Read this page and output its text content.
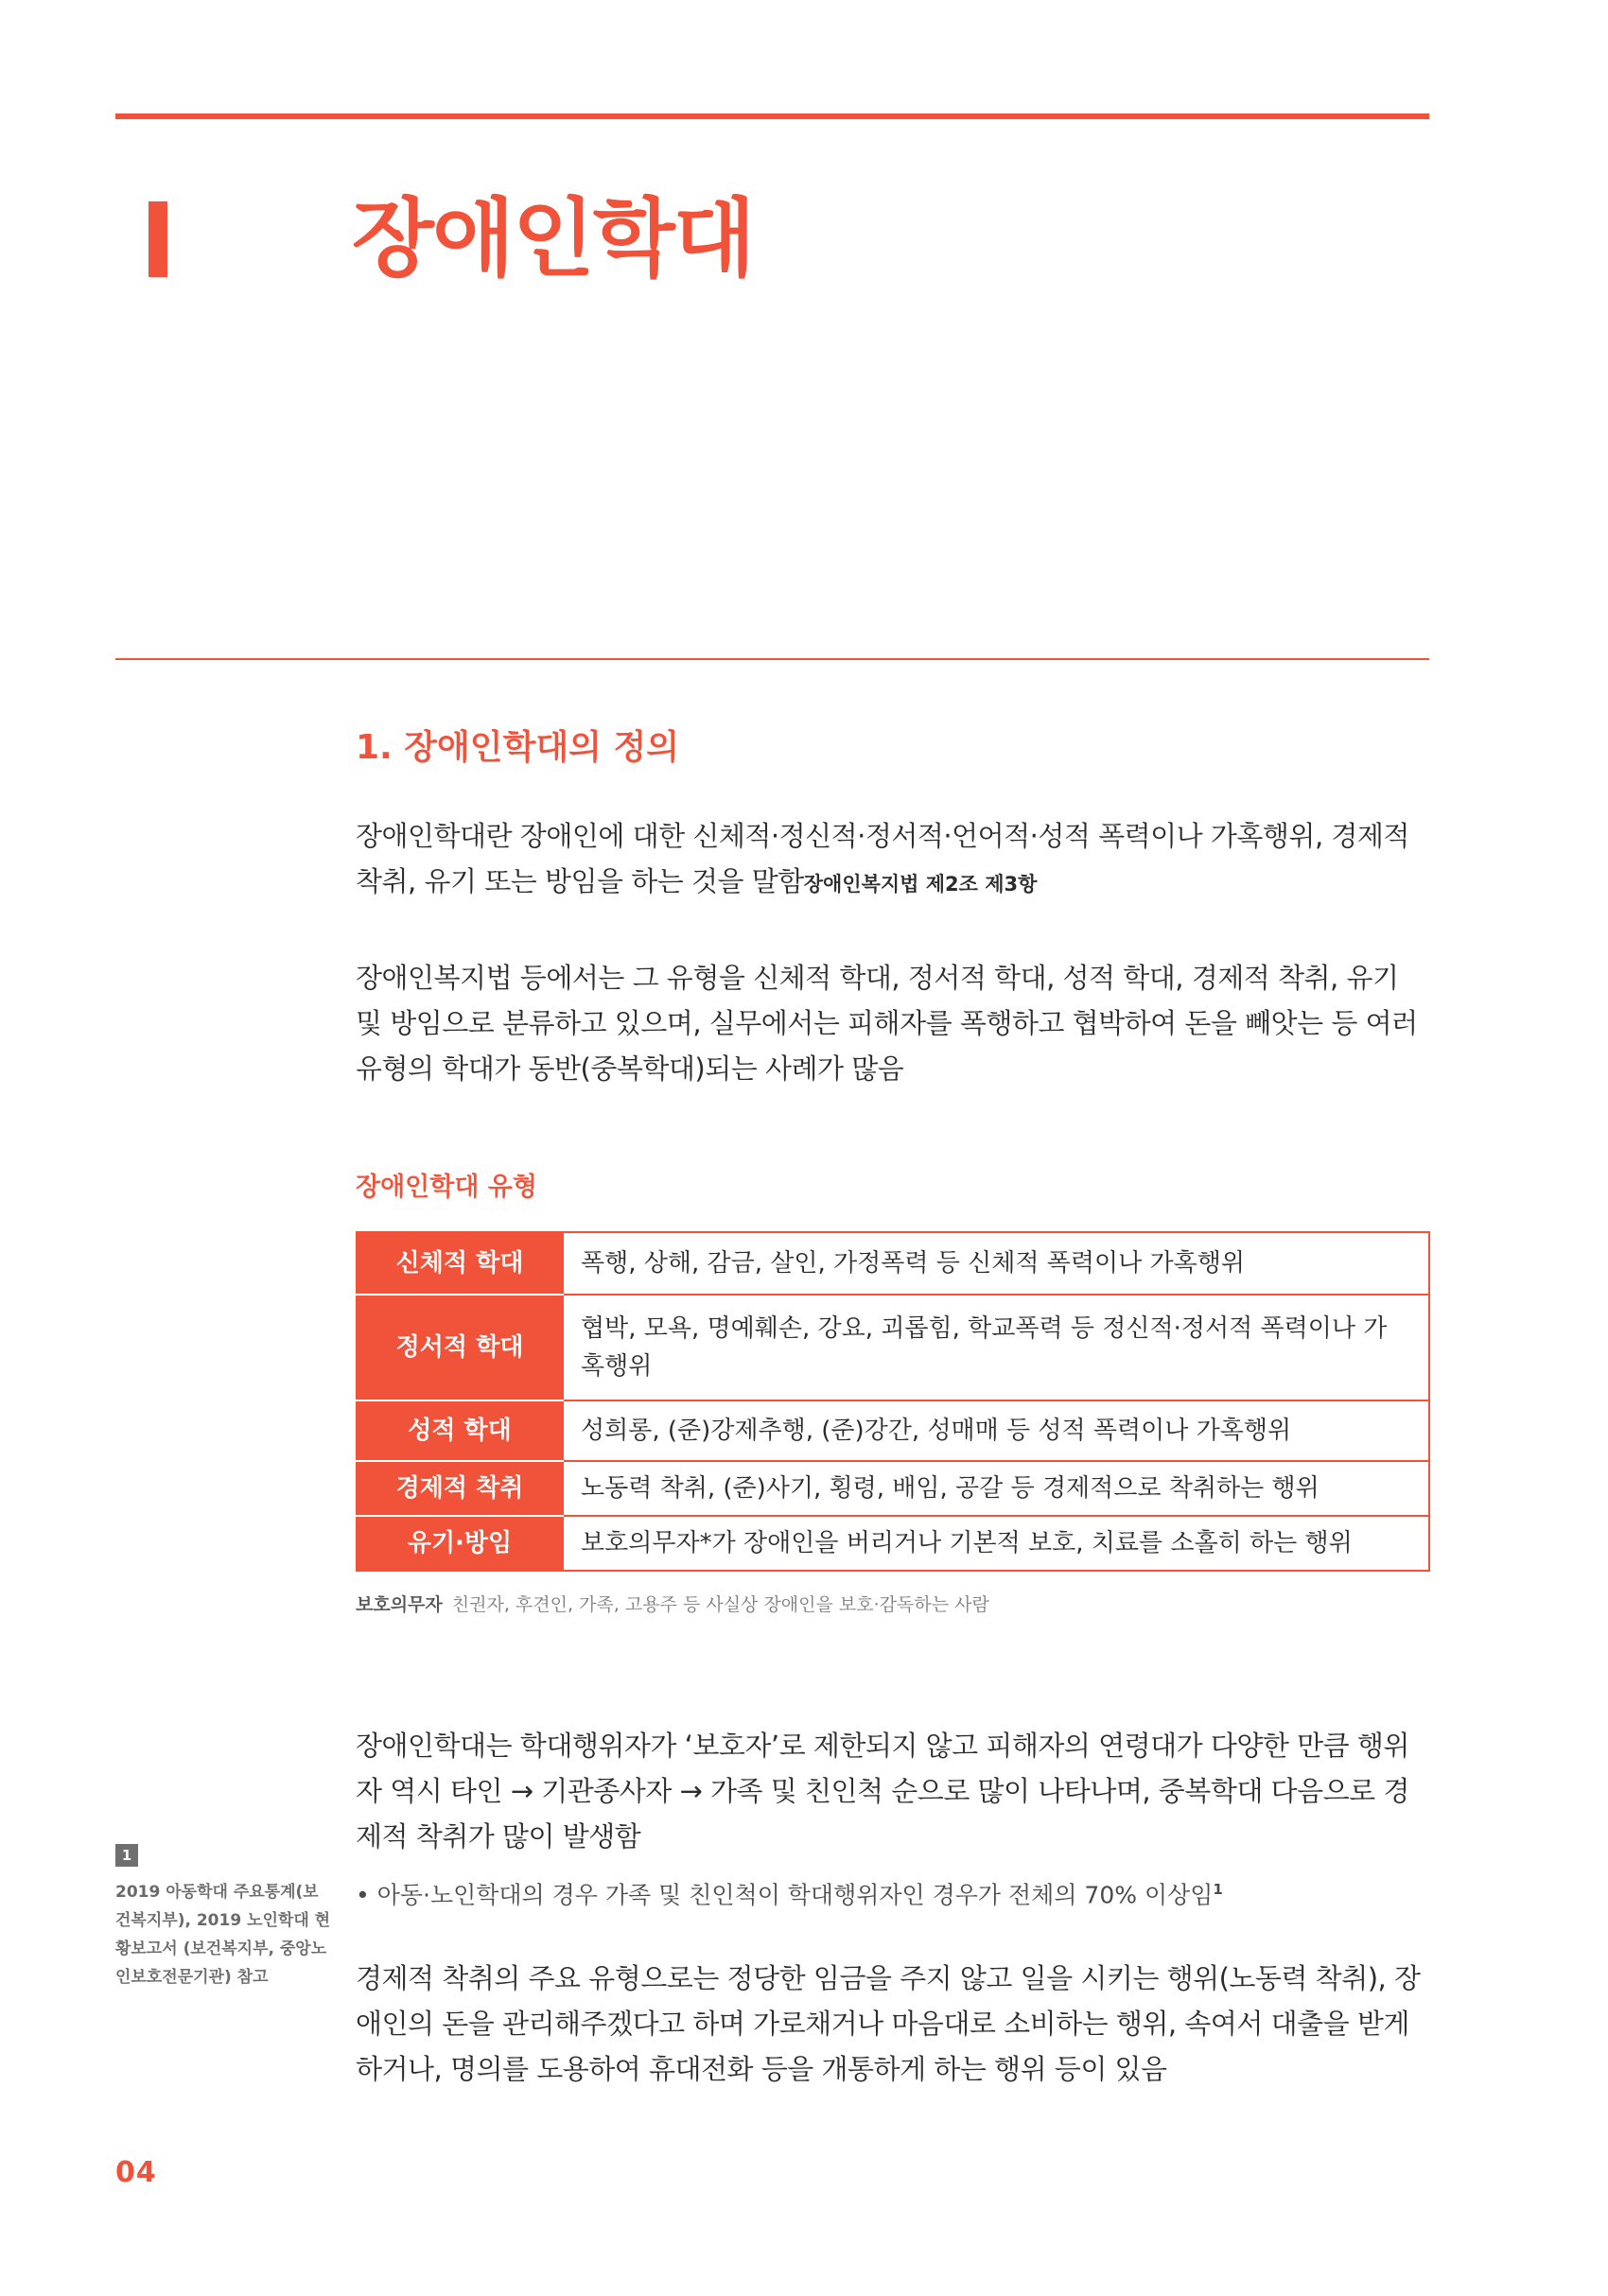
장애인학대
1. 장애인학대의 정의
장애인학대란 장애인에 대한 신체적·정신적·정서적·언어적·성적 폭력이나 가혹행위, 경제적 착취, 유기 또는 방임을 하는 것을 말함장애인복지법 제2조 제3항
장애인복지법 등에서는 그 유형을 신체적 학대, 정서적 학대, 성적 학대, 경제적 착취, 유기 및 방임으로 분류하고 있으며, 실무에서는 피해자를 폭행하고 협박하여 돈을 빼앗는 등 여러 유형의 학대가 동반(중복학대)되는 사례가 많음
장애인학대 유형
신체적 학대	폭행, 상해, 감금, 살인, 가정폭력 등 신체적 폭력이나 가혹행위
정서적 학대	협박, 모욕, 명예훼손, 강요, 괴롭힘, 학교폭력 등 정신적·정서적 폭력이나 가혹행위
성적 학대	성희롱, (준)강제추행, (준)강간, 성매매 등 성적 폭력이나 가혹행위
경제적 착취	노동력 착취, (준)사기, 횡령, 배임, 공갈 등 경제적으로 착취하는 행위
유기·방임	보호의무자*가 장애인을 버리거나 기본적 보호, 치료를 소홀히 하는 행위
보호의무자 친권자, 후견인, 가족, 고용주 등 사실상 장애인을 보호·감독하는 사람
장애인학대는 학대행위자가 ‘보호자’로 제한되지 않고 피해자의 연령대가 다양한 만큼 행위자 역시 타인 → 기관종사자 → 가족 및 친인척 순으로 많이 나타나며, 중복학대 다음으로 경제적 착취가 많이 발생함
• 아동·노인학대의 경우 가족 및 친인척이 학대행위자인 경우가 전체의 70% 이상임$^1$
경제적 착취의 주요 유형으로는 정당한 임금을 주지 않고 일을 시키는 행위(노동력 착취), 장애인의 돈을 관리해주겠다고 하며 가로채거나 마음대로 소비하는 행위, 속여서 대출을 받게 하거나, 명의를 도용하여 휴대전화 등을 개통하게 하는 행위 등이 있음
1
2019 아동학대 주요통계(보건복지부), 2019 노인학대 현황보고서 (보건복지부, 중앙노인보호전문기관) 참고
04
